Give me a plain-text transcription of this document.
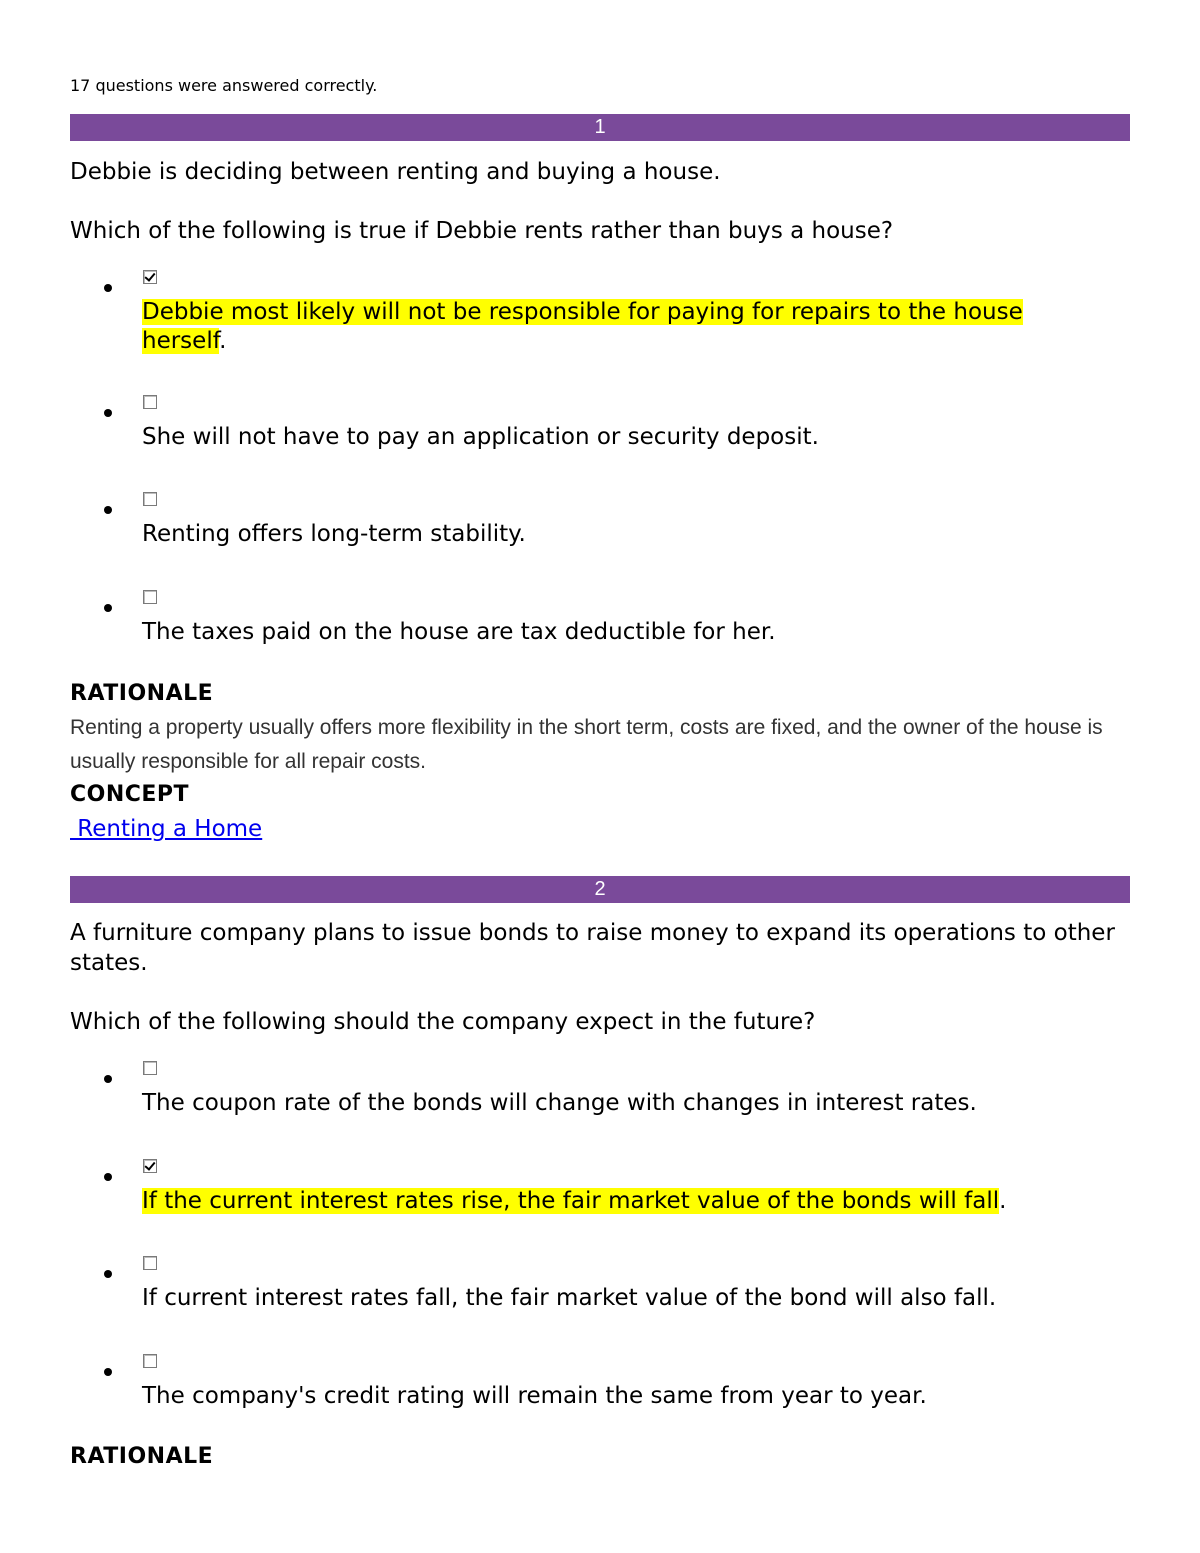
17 questions were answered correctly.
1

Debbie is deciding between renting and buying a house.

Which of the following is true if Debbie rents rather than buys a house?

Debbie most likely will not be responsible for paying for repairs to the house herself.
She will not have to pay an application or security deposit.
Renting offers long-term stability.
The taxes paid on the house are tax deductible for her.
RATIONALE
Renting a property usually offers more flexibility in the short term, costs are fixed, and the owner of the house is usually responsible for all repair costs.
CONCEPT
Renting a Home
2

A furniture company plans to issue bonds to raise money to expand its operations to other states.

Which of the following should the company expect in the future?

The coupon rate of the bonds will change with changes in interest rates.
If the current interest rates rise, the fair market value of the bonds will fall.
If current interest rates fall, the fair market value of the bond will also fall.
The company's credit rating will remain the same from year to year.
RATIONALE
